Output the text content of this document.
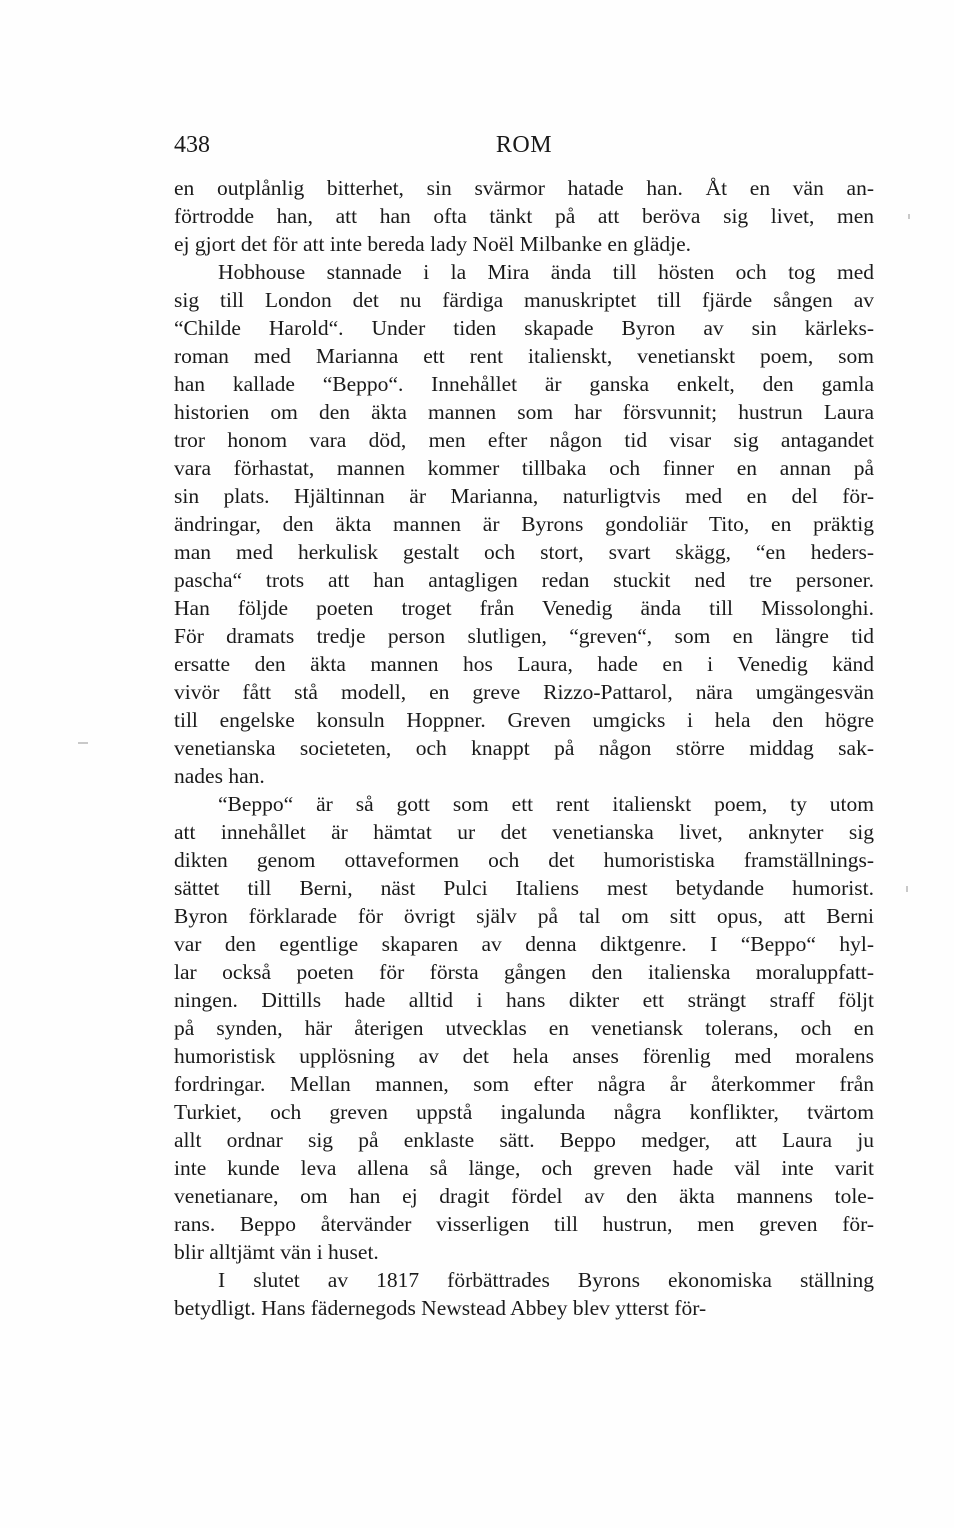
438	ROM
en outplånlig bitterhet, sin svärmor hatade han. Åt en vän an-
förtrodde han, att han ofta tänkt på att beröva sig livet, men
ej gjort det för att inte bereda lady Noël Milbanke en glädje.
Hobhouse stannade i la Mira ända till hösten och tog med
sig till London det nu färdiga manuskriptet till fjärde sången av
“Childe Harold“. Under tiden skapade Byron av sin kärleks-
roman med Marianna ett rent italienskt, venetianskt poem, som
han kallade “Beppo“. Innehållet är ganska enkelt, den gamla
historien om den äkta mannen som har försvunnit; hustrun Laura
tror honom vara död, men efter någon tid visar sig antagandet
vara förhastat, mannen kommer tillbaka och finner en annan på
sin plats. Hjältinnan är Marianna, naturligtvis med en del för-
ändringar, den äkta mannen är Byrons gondoliär Tito, en präktig
man med herkulisk gestalt och stort, svart skägg, “en heders-
pascha“ trots att han antagligen redan stuckit ned tre personer.
Han följde poeten troget från Venedig ända till Missolonghi.
För dramats tredje person slutligen, “greven“, som en längre tid
ersatte den äkta mannen hos Laura, hade en i Venedig känd
vivör fått stå modell, en greve Rizzo-Pattarol, nära umgängesvän
till engelske konsuln Hoppner. Greven umgicks i hela den högre
venetianska societeten, och knappt på någon större middag sak-
nades han.
“Beppo“ är så gott som ett rent italienskt poem, ty utom
att innehållet är hämtat ur det venetianska livet, anknyter sig
dikten genom ottaveformen och det humoristiska framställnings-
sättet till Berni, näst Pulci Italiens mest betydande humorist.
Byron förklarade för övrigt själv på tal om sitt opus, att Berni
var den egentlige skaparen av denna diktgenre. I “Beppo“ hyl-
lar också poeten för första gången den italienska moraluppfatt-
ningen. Dittills hade alltid i hans dikter ett strängt straff följt
på synden, här återigen utvecklas en venetiansk tolerans, och en
humoristisk upplösning av det hela anses förenlig med moralens
fordringar. Mellan mannen, som efter några år återkommer från
Turkiet, och greven uppstå ingalunda några konflikter, tvärtom
allt ordnar sig på enklaste sätt. Beppo medger, att Laura ju
inte kunde leva allena så länge, och greven hade väl inte varit
venetianare, om han ej dragit fördel av den äkta mannens tole-
rans. Beppo återvänder visserligen till hustrun, men greven för-
blir alltjämt vän i huset.
I slutet av 1817 förbättrades Byrons ekonomiska ställning
betydligt. Hans fädernegods Newstead Abbey blev ytterst för-
